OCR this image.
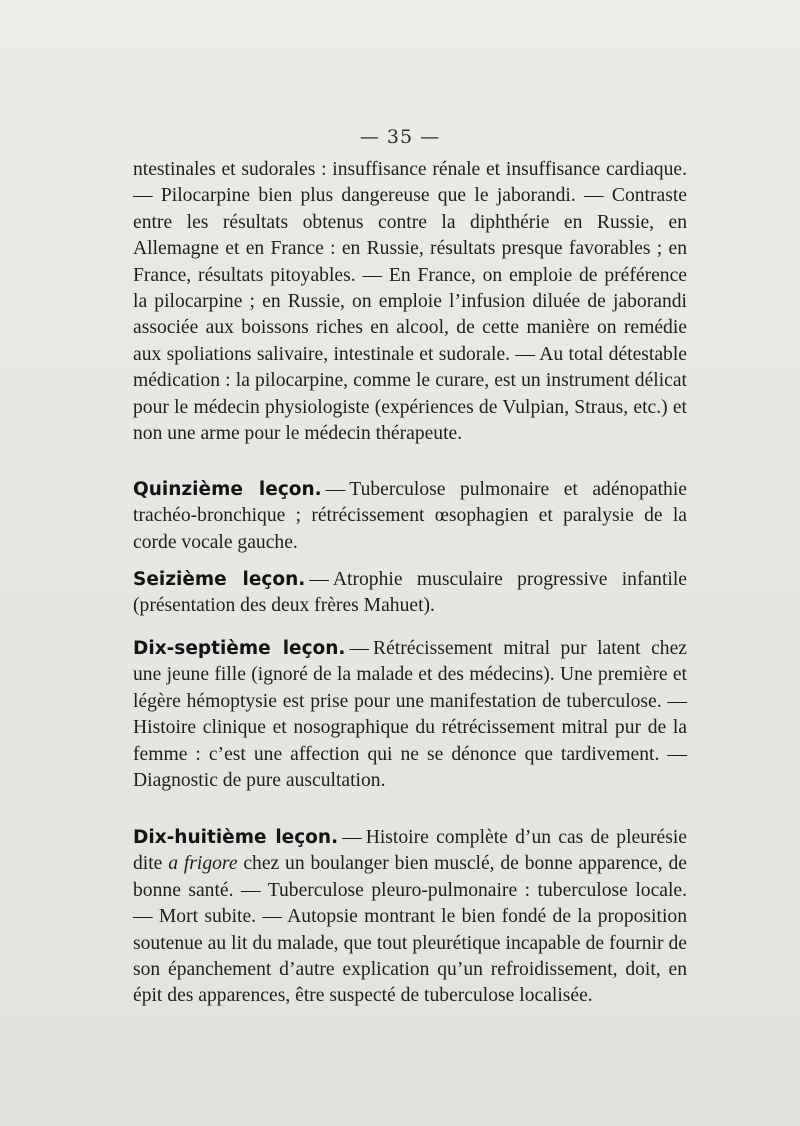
— 35 —
ntestinales et sudorales : insuffisance rénale et insuffisance cardiaque. — Pilocarpine bien plus dangereuse que le jaborandi. — Contraste entre les résultats obtenus contre la diphthérie en Russie, en Allemagne et en France : en Russie, résultats presque favorables ; en France, résultats pitoyables. — En France, on emploie de préférence la pilocarpine ; en Russie, on emploie l’infusion diluée de jaborandi associée aux boissons riches en alcool, de cette manière on remédie aux spoliations salivaire, intestinale et sudorale. — Au total détestable médication : la pilocarpine, comme le curare, est un instrument délicat pour le médecin physiologiste (expériences de Vulpian, Straus, etc.) et non une arme pour le médecin thérapeute.
Quinzième leçon. — Tuberculose pulmonaire et adénopathie trachéo-bronchique ; rétrécissement œsophagien et paralysie de la corde vocale gauche.
Seizième leçon. — Atrophie musculaire progressive infantile (présentation des deux frères Mahuet).
Dix-septième leçon. — Rétrécissement mitral pur latent chez une jeune fille (ignoré de la malade et des médecins). Une première et légère hémoptysie est prise pour une manifestation de tuberculose. — Histoire clinique et nosographique du rétrécissement mitral pur de la femme : c’est une affection qui ne se dénonce que tardivement. — Diagnostic de pure auscultation.
Dix-huitième leçon. — Histoire complète d’un cas de pleurésie dite a frigore chez un boulanger bien musclé, de bonne apparence, de bonne santé. — Tuberculose pleuro-pulmonaire : tuberculose locale. — Mort subite. — Autopsie montrant le bien fondé de la proposition soutenue au lit du malade, que tout pleurétique incapable de fournir de son épanchement d’autre explication qu’un refroidissement, doit, en épit des apparences, être suspecté de tuberculose localisée.
